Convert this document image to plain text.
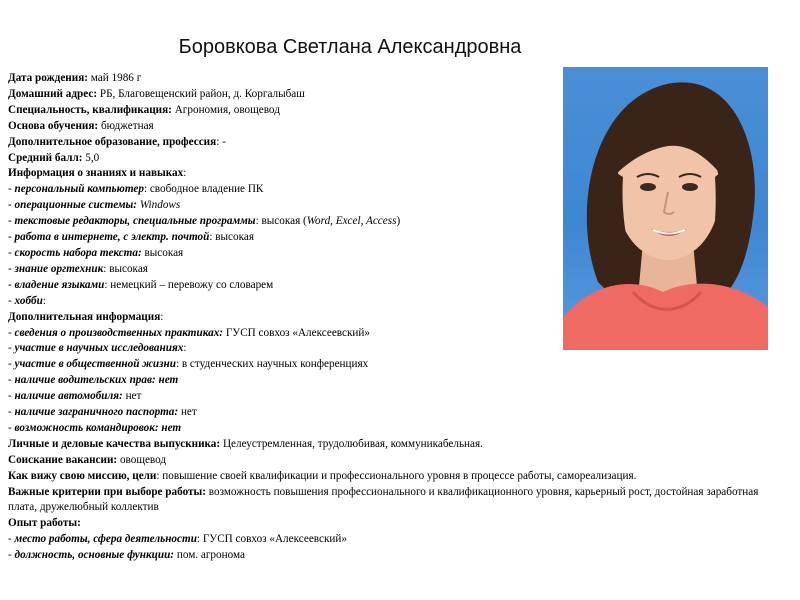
Боровкова Светлана Александровна
Дата рождения: май 1986 г
Домашний адрес: РБ, Благовещенский район, д. Коргалыбаш
Специальность, квалификация: Агрономия, овощевод
Основа обучения: бюджетная
Дополнительное образование, профессия: -
Средний балл: 5,0
Информация о знаниях и навыках:
- персональный компьютер: свободное владение ПК
- операционные системы: Windows
- текстовые редакторы, специальные программы: высокая (Word, Excel, Access)
- работа в интернете, с электр. почтой: высокая
- скорость набора текста: высокая
- знание оргтехник: высокая
- владение языками: немецкий – перевожу со словарем
- хобби:
Дополнительная информация:
- сведения о производственных практиках: ГУСП совхоз «Алексеевский»
- участие в научных исследованиях:
- участие в общественной жизни: в студенческих научных конференциях
- наличие водительских прав: нет
- наличие автомобиля: нет
- наличие заграничного паспорта: нет
- возможность командировок: нет
Личные и деловые качества выпускника: Целеустремленная, трудолюбивая, коммуникабельная.
Соискание вакансии: овощевод
Как вижу свою миссию, цели: повышение своей квалификации и профессионального уровня в процессе работы, самореализация.
Важные критерии при выборе работы: возможность повышения профессионального и квалификационного уровня, карьерный рост, достойная заработная плата, дружелюбный коллектив
Опыт работы:
- место работы, сфера деятельности: ГУСП совхоз «Алексеевский»
- должность, основные функции: пом. агронома
